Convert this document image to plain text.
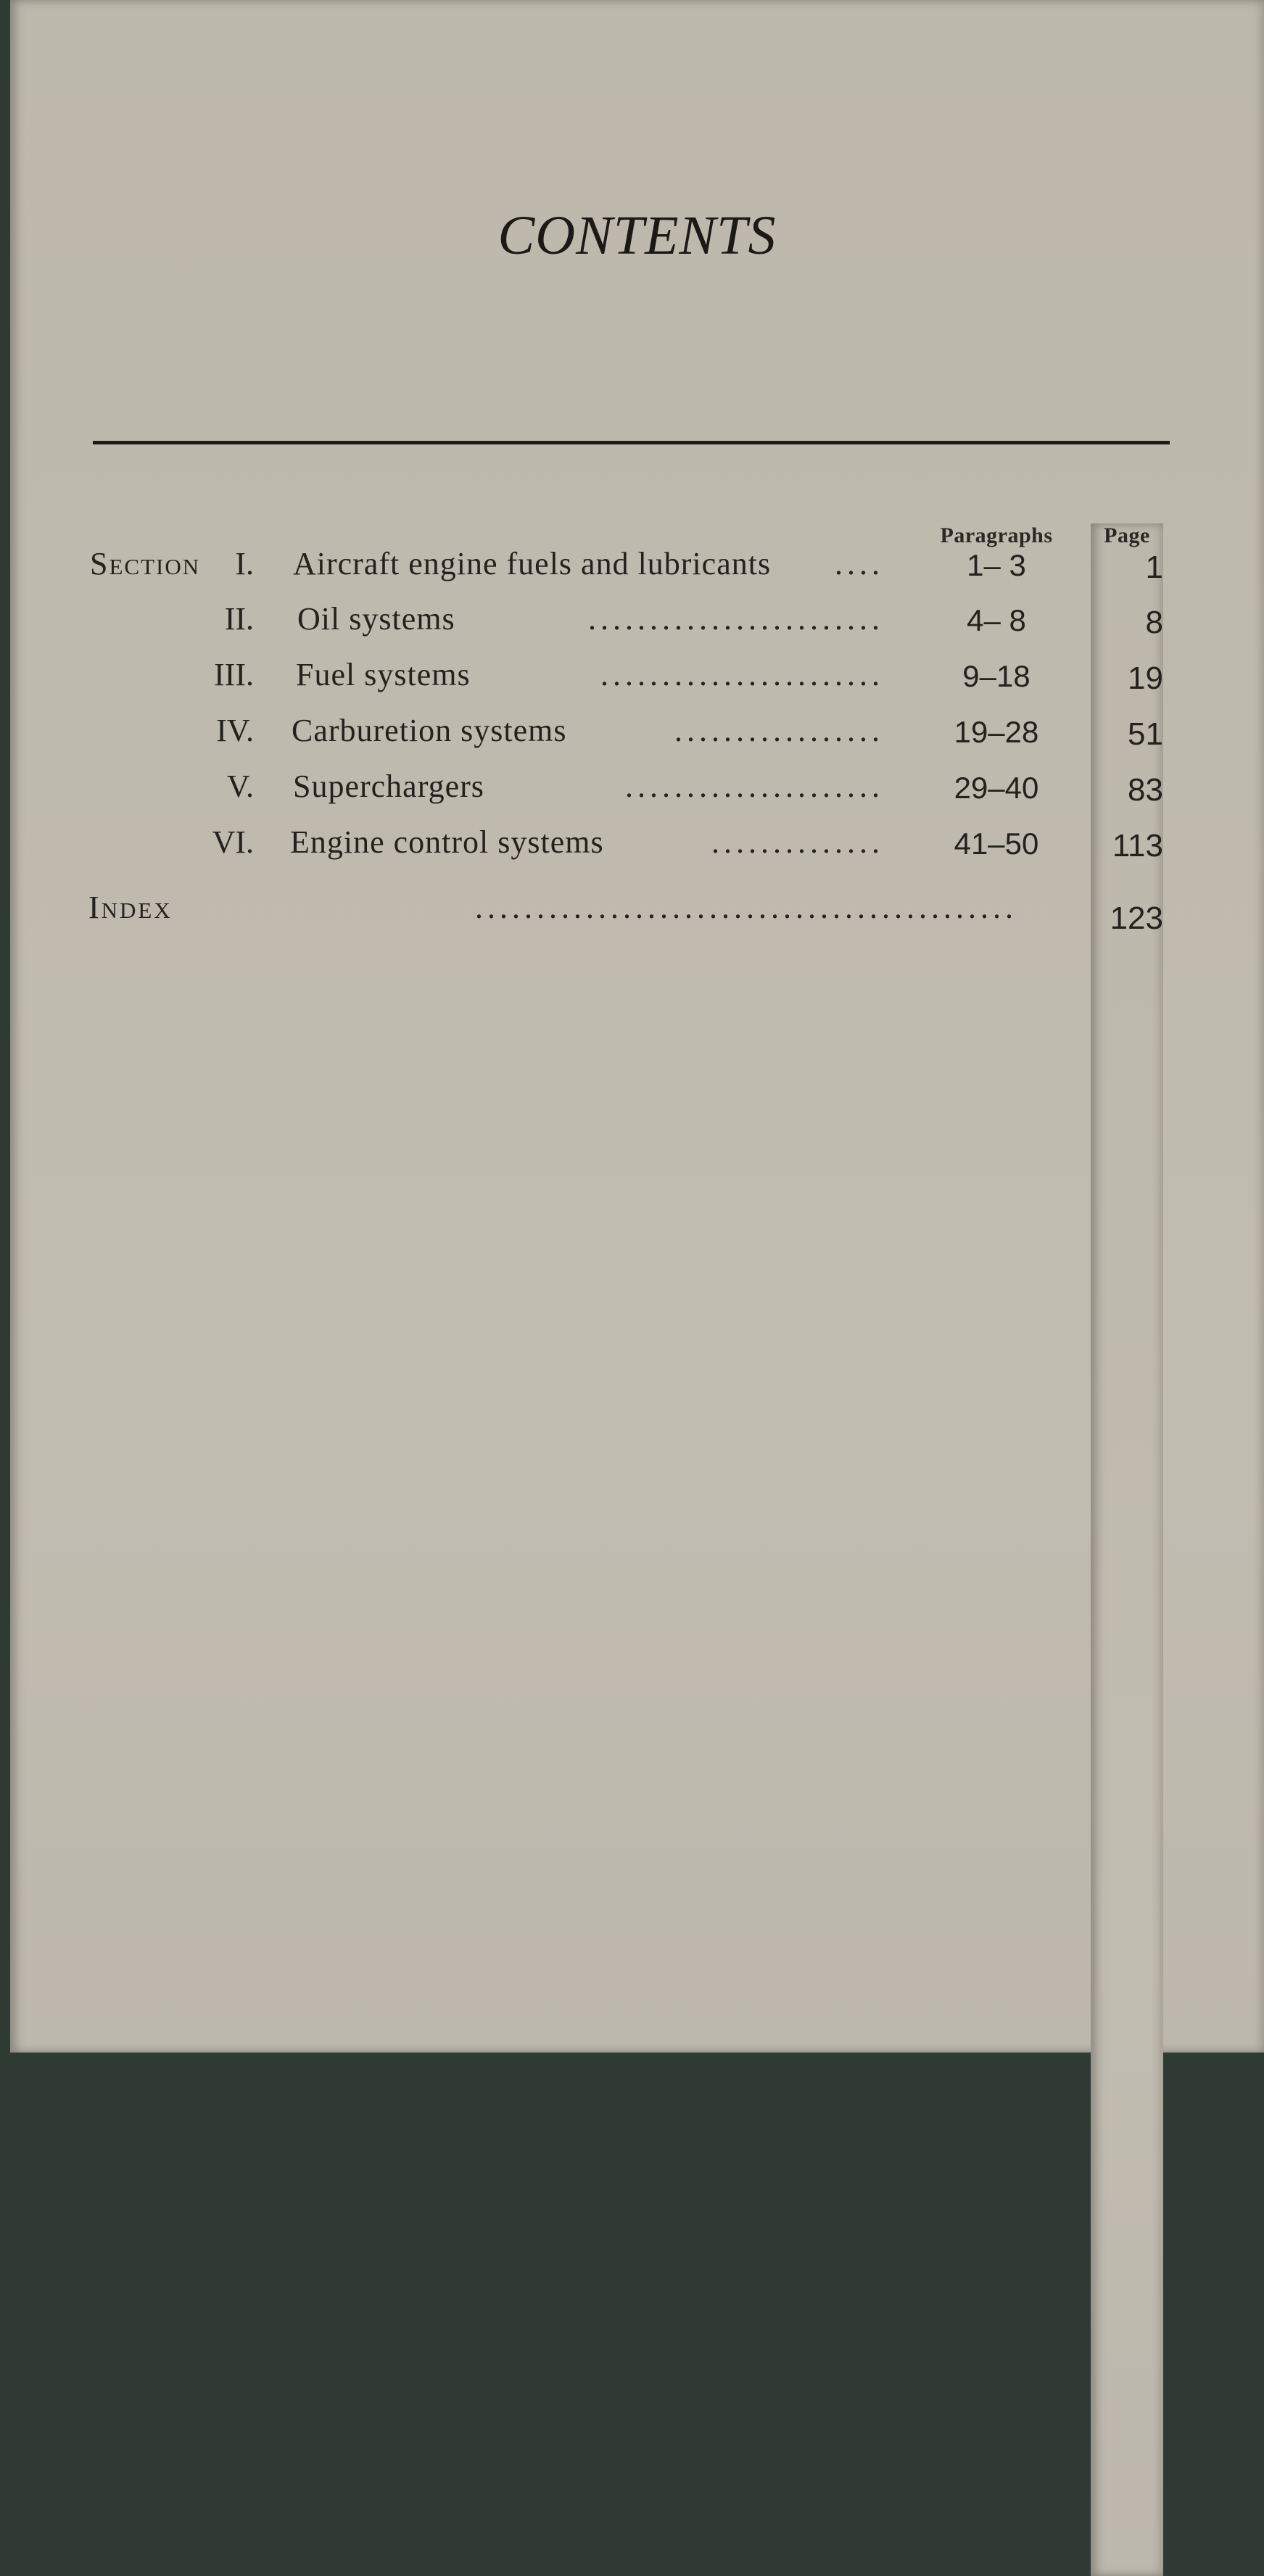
CONTENTS
Paragraphs	Page
Section I. Aircraft engine fuels and lubricants ....	1– 3	1
II. Oil systems	........................	4– 8	8
III. Fuel systems	.......................	9–18	19
IV. Carburetion systems	.................	19–28	51
V. Superchargers	.....................	29–40	83
VI. Engine control systems	..............	41–50	113
Index	............................................	123
